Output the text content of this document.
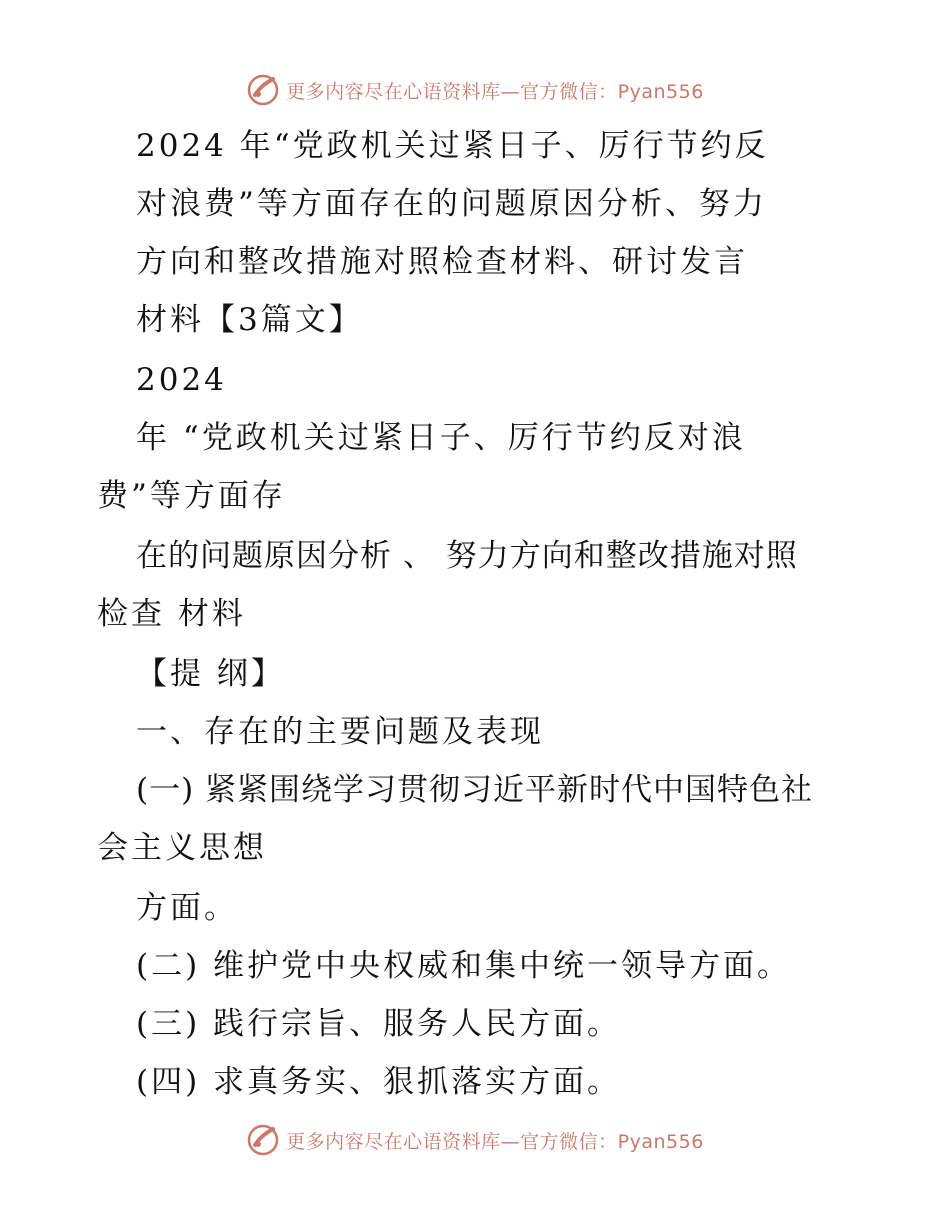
更多内容尽在心语资料库—官方微信：Pyan556
2024 年“党政机关过紧日子、厉行节约反
对浪费”等方面存在的问题原因分析、努力
方向和整改措施对照检查材料、研讨发言
材料【3篇文】
2024
年 “党政机关过紧日子、厉行节约反对浪
费”等方面存
在的问题原因分析 、 努力方向和整改措施对照
检查 材料
【提 纲】
一、存在的主要问题及表现
(一) 紧紧围绕学习贯彻习近平新时代中国特色社
会主义思想
方面。
(二) 维护党中央权威和集中统一领导方面。
(三) 践行宗旨、服务人民方面。
(四) 求真务实、狠抓落实方面。
更多内容尽在心语资料库—官方微信：Pyan556
